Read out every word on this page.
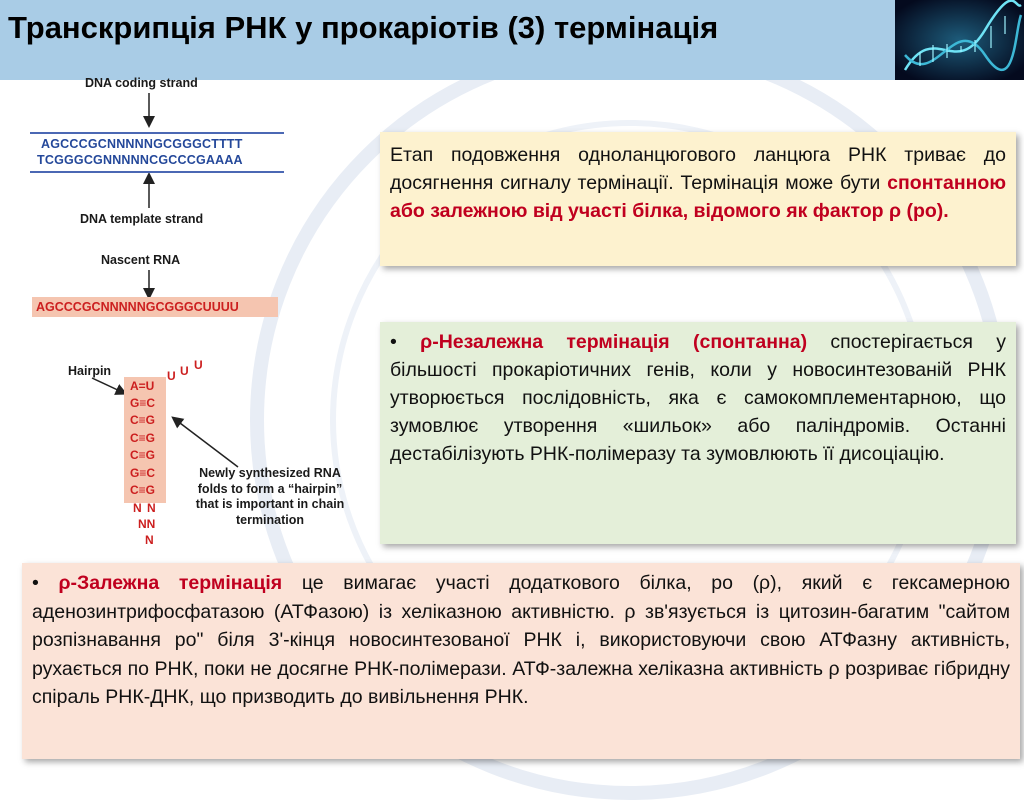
Транскрипція РНК у прокаріотів (3) термінація
DNA coding strand
AGCCCGCNNNNNGCGGGCTTTT
TCGGGCGNNNNNCGCCCGAAAA
DNA template strand
Nascent RNA
AGCCCGCNNNNNGCGGGCUUUU
Hairpin	U U U
A=U
G≡C
C≡G
C≡G
C≡G
G≡C
C≡G
N N
NN
N
Newly synthesized RNA folds to form a “hairpin” that is important in chain termination
Етап подовження одноланцюгового ланцюга РНК триває до досягнення сигналу термінації. Термінація може бути спонтанною або залежною від участі білка, відомого як фактор ρ (ро).
• ρ-Незалежна термінація (спонтанна) спостерігається у більшості прокаріотичних генів, коли у новосинтезованій РНК утворюється послідовність, яка є самокомплементарною, що зумовлює утворення «шильок» або паліндромів. Останні дестабілізують РНК-полімеразу та зумовлюють її дисоціацію.
• ρ-Залежна термінація це вимагає участі додаткового білка, ро (ρ), який є гексамерною аденозинтрифосфатазою (АТФазою) із хеліказною активністю. ρ зв'язується із цитозин-багатим "сайтом розпізнавання ро" біля 3'-кінця новосинтезованої РНК і, використовуючи свою АТФазну активність, рухається по РНК, поки не досягне РНК-полімерази. АТФ-залежна хеліказна активність ρ розриває гібридну спіраль РНК-ДНК, що призводить до вивільнення РНК.
